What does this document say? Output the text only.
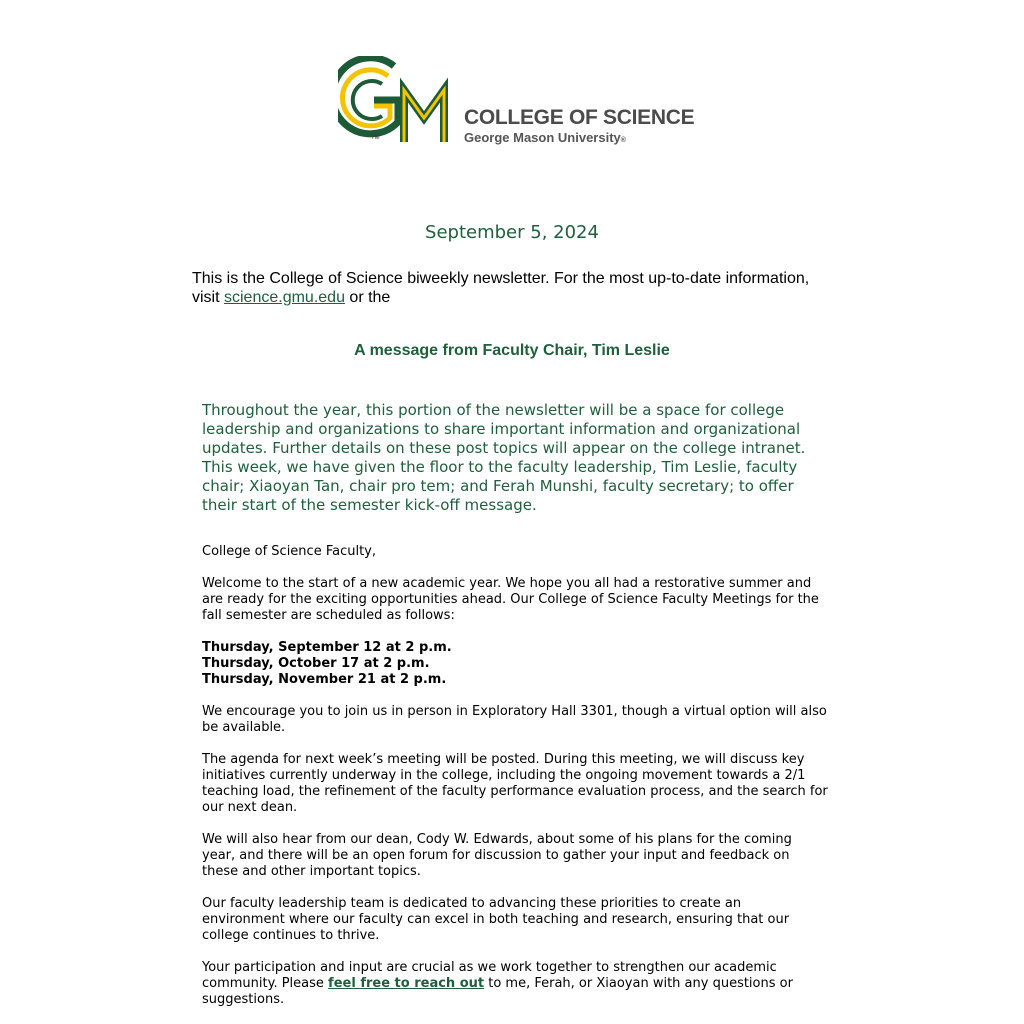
TM
COLLEGE OF SCIENCE
George Mason University®
September 5, 2024
This is the College of Science biweekly newsletter. For the most up-to-date information, visit science.gmu.edu or the
A message from Faculty Chair, Tim Leslie
Throughout the year, this portion of the newsletter will be a space for college leadership and organizations to share important information and organizational updates. Further details on these post topics will appear on the college intranet. This week, we have given the floor to the faculty leadership, Tim Leslie, faculty chair; Xiaoyan Tan, chair pro tem; and Ferah Munshi, faculty secretary; to offer their start of the semester kick-off message.

College of Science Faculty,

Welcome to the start of a new academic year. We hope you all had a restorative summer and are ready for the exciting opportunities ahead. Our College of Science Faculty Meetings for the fall semester are scheduled as follows:

Thursday, September 12 at 2 p.m.
Thursday, October 17 at 2 p.m.
Thursday, November 21 at 2 p.m.

We encourage you to join us in person in Exploratory Hall 3301, though a virtual option will also be available.

The agenda for next week’s meeting will be posted. During this meeting, we will discuss key initiatives currently underway in the college, including the ongoing movement towards a 2/1 teaching load, the refinement of the faculty performance evaluation process, and the search for our next dean.

We will also hear from our dean, Cody W. Edwards, about some of his plans for the coming year, and there will be an open forum for discussion to gather your input and feedback on these and other important topics.

Our faculty leadership team is dedicated to advancing these priorities to create an environment where our faculty can excel in both teaching and research, ensuring that our college continues to thrive.

Your participation and input are crucial as we work together to strengthen our academic community. Please feel free to reach out to me, Ferah, or Xiaoyan with any questions or suggestions.
